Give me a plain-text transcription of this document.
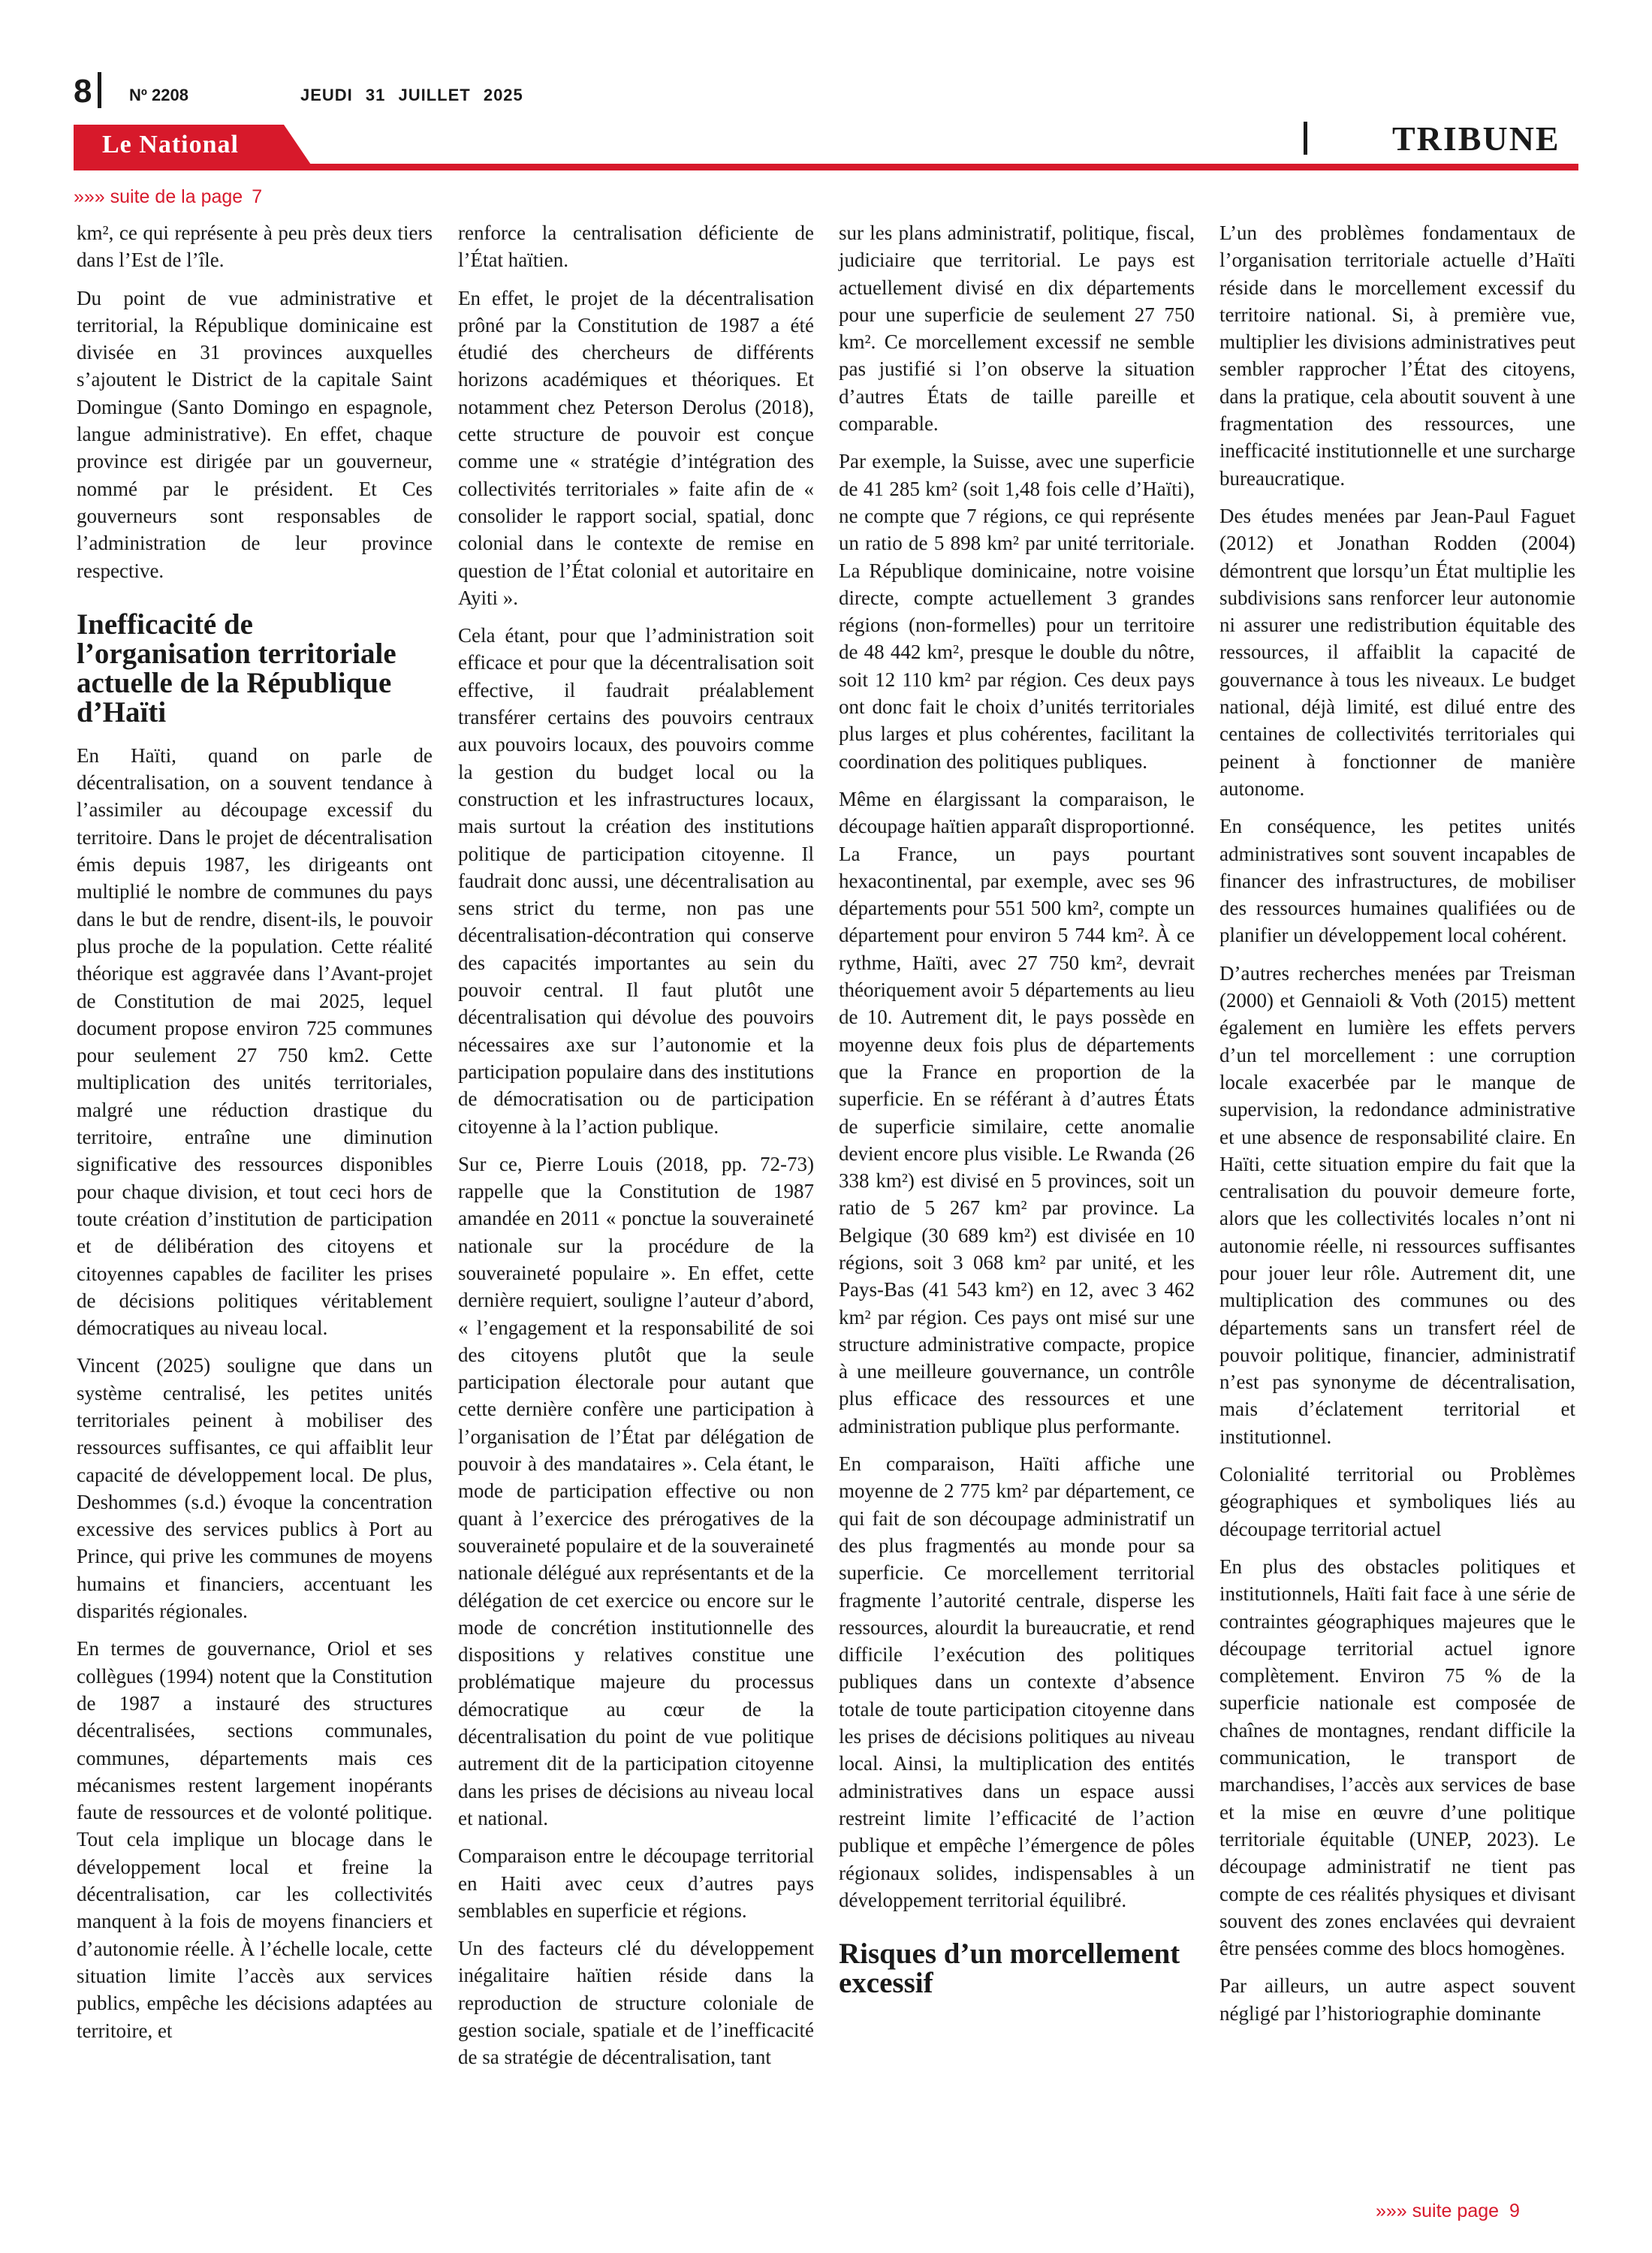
8 Nº 2208	JEUDI 31 JUILLET 2025
Le National	TRIBUNE
»»» suite de la page 7

km², ce qui représente à peu près deux tiers dans l’Est de l’île.

Du point de vue administrative et territorial, la République dominicaine est divisée en 31 provinces auxquelles s’ajoutent le District de la capitale Saint Domingue (Santo Domingo en espagnole, langue administrative). En effet, chaque province est dirigée par un gouverneur, nommé par le président. Et Ces gouverneurs sont responsables de l’administration de leur province respective.

Inefficacité de l’organisation territoriale actuelle de la République d’Haïti

En Haïti, quand on parle de décentralisation, on a souvent tendance à l’assimiler au découpage excessif du territoire. Dans le projet de décentralisation émis depuis 1987, les dirigeants ont multiplié le nombre de communes du pays dans le but de rendre, disent-ils, le pouvoir plus proche de la population. Cette réalité théorique est aggravée dans l’Avant-projet de Constitution de mai 2025, lequel document propose environ 725 communes pour seulement 27 750 km2. Cette multiplication des unités territoriales, malgré une réduction drastique du territoire, entraîne une diminution significative des ressources disponibles pour chaque division, et tout ceci hors de toute création d’institution de participation et de délibération des citoyens et citoyennes capables de faciliter les prises de décisions politiques véritablement démocratiques au niveau local.

Vincent (2025) souligne que dans un système centralisé, les petites unités territoriales peinent à mobiliser des ressources suffisantes, ce qui affaiblit leur capacité de développement local. De plus, Deshommes (s.d.) évoque la concentration excessive des services publics à Port au Prince, qui prive les communes de moyens humains et financiers, accentuant les disparités régionales.

En termes de gouvernance, Oriol et ses collègues (1994) notent que la Constitution de 1987 a instauré des structures décentralisées, sections communales, communes, départements mais ces mécanismes restent largement inopérants faute de ressources et de volonté politique. Tout cela implique un blocage dans le développement local et freine la décentralisation, car les collectivités manquent à la fois de moyens financiers et d’autonomie réelle. À l’échelle locale, cette situation limite l’accès aux services publics, empêche les décisions adaptées au territoire, et

renforce la centralisation déficiente de l’État haïtien.

En effet, le projet de la décentralisation prôné par la Constitution de 1987 a été étudié des chercheurs de différents horizons académiques et théoriques. Et notamment chez Peterson Derolus (2018), cette structure de pouvoir est conçue comme une « stratégie d’intégration des collectivités territoriales » faite afin de « consolider le rapport social, spatial, donc colonial dans le contexte de remise en question de l’État colonial et autoritaire en Ayiti ».

Cela étant, pour que l’administration soit efficace et pour que la décentralisation soit effective, il faudrait préalablement transférer certains des pouvoirs centraux aux pouvoirs locaux, des pouvoirs comme la gestion du budget local ou la construction et les infrastructures locaux, mais surtout la création des institutions politique de participation citoyenne. Il faudrait donc aussi, une décentralisation au sens strict du terme, non pas une décentralisation-décontration qui conserve des capacités importantes au sein du pouvoir central. Il faut plutôt une décentralisation qui dévolue des pouvoirs nécessaires axe sur l’autonomie et la participation populaire dans des institutions de démocratisation ou de participation citoyenne à la l’action publique.

Sur ce, Pierre Louis (2018, pp. 72-73) rappelle que la Constitution de 1987 amandée en 2011 « ponctue la souveraineté nationale sur la procédure de la souveraineté populaire ». En effet, cette dernière requiert, souligne l’auteur d’abord, « l’engagement et la responsabilité de soi des citoyens plutôt que la seule participation électorale pour autant que cette dernière confère une participation à l’organisation de l’État par délégation de pouvoir à des mandataires ». Cela étant, le mode de participation effective ou non quant à l’exercice des prérogatives de la souveraineté populaire et de la souveraineté nationale délégué aux représentants et de la délégation de cet exercice ou encore sur le mode de concrétion institutionnelle des dispositions y relatives constitue une problématique majeure du processus démocratique au cœur de la décentralisation du point de vue politique autrement dit de la participation citoyenne dans les prises de décisions au niveau local et national.

Comparaison entre le découpage territorial en Haiti avec ceux d’autres pays semblables en superficie et régions.

Un des facteurs clé du développement inégalitaire haïtien réside dans la reproduction de structure coloniale de gestion sociale, spatiale et de l’inefficacité de sa stratégie de décentralisation, tant

sur les plans administratif, politique, fiscal, judiciaire que territorial. Le pays est actuellement divisé en dix départements pour une superficie de seulement 27 750 km². Ce morcellement excessif ne semble pas justifié si l’on observe la situation d’autres États de taille pareille et comparable.

Par exemple, la Suisse, avec une superficie de 41 285 km² (soit 1,48 fois celle d’Haïti), ne compte que 7 régions, ce qui représente un ratio de 5 898 km² par unité territoriale. La République dominicaine, notre voisine directe, compte actuellement 3 grandes régions (non-formelles) pour un territoire de 48 442 km², presque le double du nôtre, soit 12 110 km² par région. Ces deux pays ont donc fait le choix d’unités territoriales plus larges et plus cohérentes, facilitant la coordination des politiques publiques.

Même en élargissant la comparaison, le découpage haïtien apparaît disproportionné. La France, un pays pourtant hexacontinental, par exemple, avec ses 96 départements pour 551 500 km², compte un département pour environ 5 744 km². À ce rythme, Haïti, avec 27 750 km², devrait théoriquement avoir 5 départements au lieu de 10. Autrement dit, le pays possède en moyenne deux fois plus de départements que la France en proportion de la superficie. En se référant à d’autres États de superficie similaire, cette anomalie devient encore plus visible. Le Rwanda (26 338 km²) est divisé en 5 provinces, soit un ratio de 5 267 km² par province. La Belgique (30 689 km²) est divisée en 10 régions, soit 3 068 km² par unité, et les Pays-Bas (41 543 km²) en 12, avec 3 462 km² par région. Ces pays ont misé sur une structure administrative compacte, propice à une meilleure gouvernance, un contrôle plus efficace des ressources et une administration publique plus performante.

En comparaison, Haïti affiche une moyenne de 2 775 km² par département, ce qui fait de son découpage administratif un des plus fragmentés au monde pour sa superficie. Ce morcellement territorial fragmente l’autorité centrale, disperse les ressources, alourdit la bureaucratie, et rend difficile l’exécution des politiques publiques dans un contexte d’absence totale de toute participation citoyenne dans les prises de décisions politiques au niveau local. Ainsi, la multiplication des entités administratives dans un espace aussi restreint limite l’efficacité de l’action publique et empêche l’émergence de pôles régionaux solides, indispensables à un développement territorial équilibré.

Risques d’un morcellement excessif

L’un des problèmes fondamentaux de l’organisation territoriale actuelle d’Haïti réside dans le morcellement excessif du territoire national. Si, à première vue, multiplier les divisions administratives peut sembler rapprocher l’État des citoyens, dans la pratique, cela aboutit souvent à une fragmentation des ressources, une inefficacité institutionnelle et une surcharge bureaucratique.

Des études menées par Jean-Paul Faguet (2012) et Jonathan Rodden (2004) démontrent que lorsqu’un État multiplie les subdivisions sans renforcer leur autonomie ni assurer une redistribution équitable des ressources, il affaiblit la capacité de gouvernance à tous les niveaux. Le budget national, déjà limité, est dilué entre des centaines de collectivités territoriales qui peinent à fonctionner de manière autonome.

En conséquence, les petites unités administratives sont souvent incapables de financer des infrastructures, de mobiliser des ressources humaines qualifiées ou de planifier un développement local cohérent.

D’autres recherches menées par Treisman (2000) et Gennaioli & Voth (2015) mettent également en lumière les effets pervers d’un tel morcellement : une corruption locale exacerbée par le manque de supervision, la redondance administrative et une absence de responsabilité claire. En Haïti, cette situation empire du fait que la centralisation du pouvoir demeure forte, alors que les collectivités locales n’ont ni autonomie réelle, ni ressources suffisantes pour jouer leur rôle. Autrement dit, une multiplication des communes ou des départements sans un transfert réel de pouvoir politique, financier, administratif n’est pas synonyme de décentralisation, mais d’éclatement territorial et institutionnel.

Colonialité territorial ou Problèmes géographiques et symboliques liés au découpage territorial actuel

En plus des obstacles politiques et institutionnels, Haïti fait face à une série de contraintes géographiques majeures que le découpage territorial actuel ignore complètement. Environ 75 % de la superficie nationale est composée de chaînes de montagnes, rendant difficile la communication, le transport de marchandises, l’accès aux services de base et la mise en œuvre d’une politique territoriale équitable (UNEP, 2023). Le découpage administratif ne tient pas compte de ces réalités physiques et divisant souvent des zones enclavées qui devraient être pensées comme des blocs homogènes.

Par ailleurs, un autre aspect souvent négligé par l’historiographie dominante

»»» suite page 9
